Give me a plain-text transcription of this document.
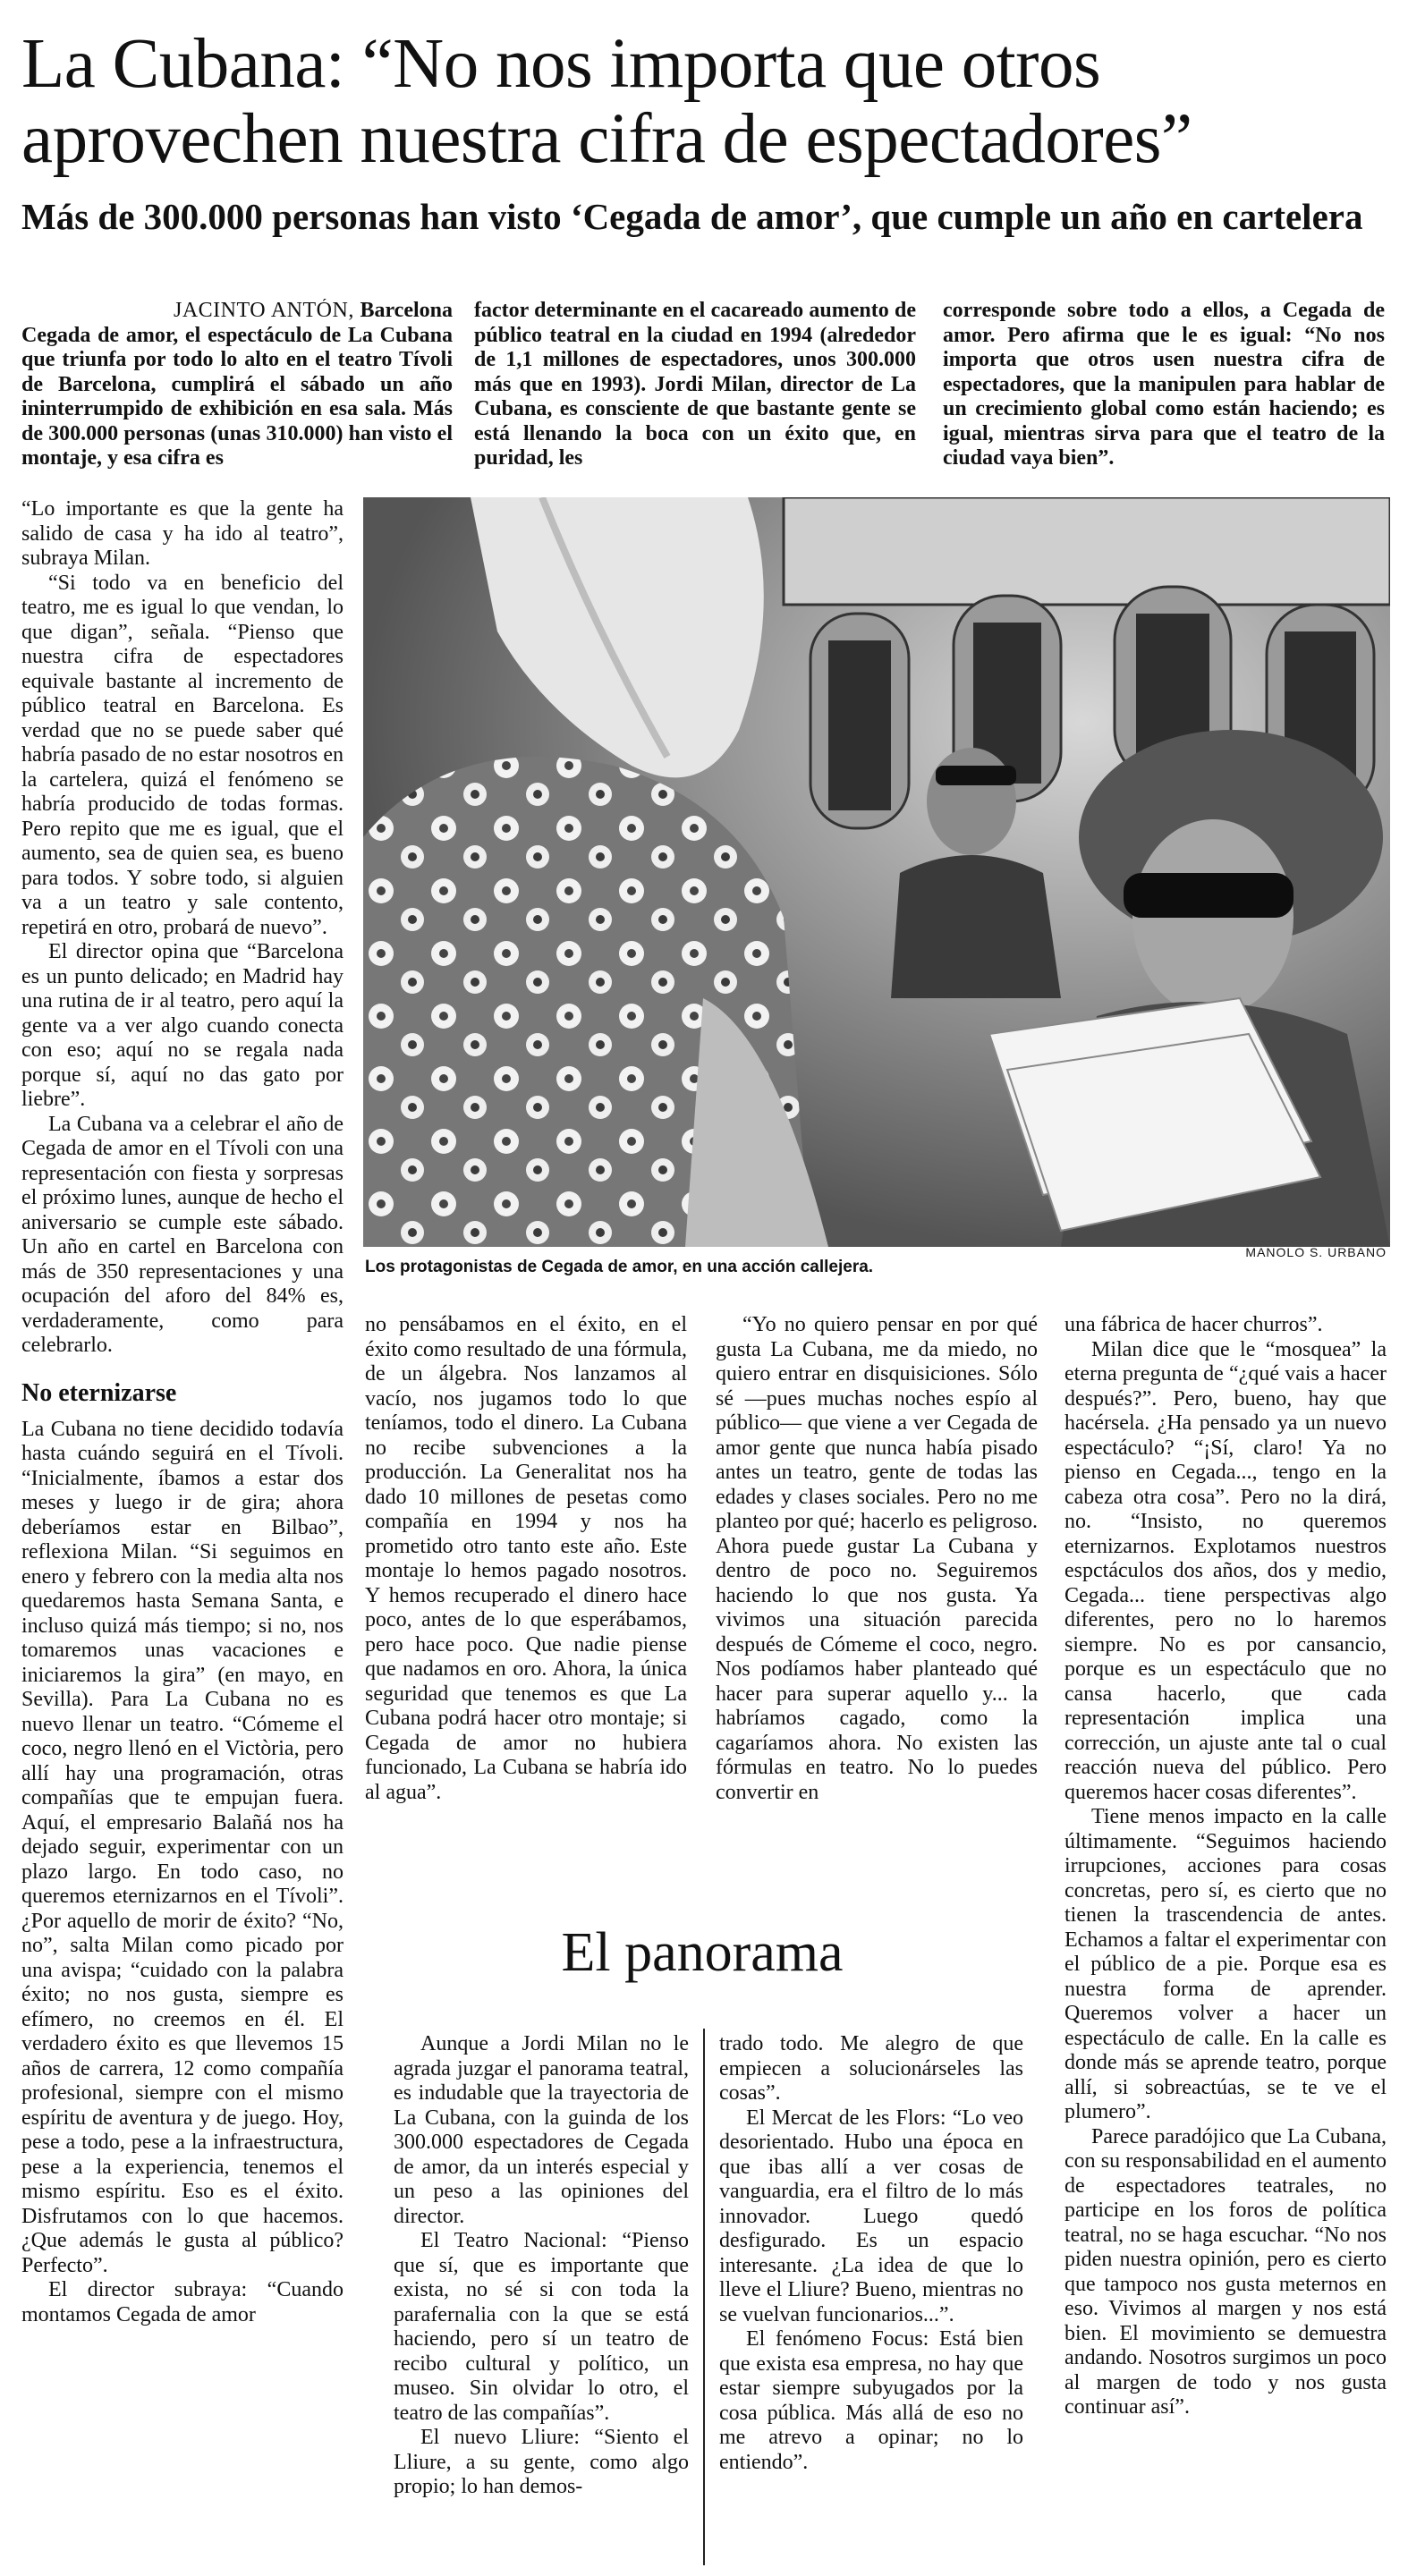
La Cubana: “No nos importa que otros aprovechen nuestra cifra de espectadores”
Más de 300.000 personas han visto ‘Cegada de amor’, que cumple un año en cartelera

JACINTO ANTÓN, Barcelona Cegada de amor, el espectáculo de La Cubana que triunfa por todo lo alto en el teatro Tívoli de Barcelona, cumplirá el sábado un año ininterrumpido de exhibición en esa sala. Más de 300.000 personas (unas 310.000) han visto el montaje, y esa cifra es

factor determinante en el cacareado aumento de público teatral en la ciudad en 1994 (alrededor de 1,1 millones de espectadores, unos 300.000 más que en 1993). Jordi Milan, director de La Cubana, es consciente de que bastante gente se está llenando la boca con un éxito que, en puridad, les

corresponde sobre todo a ellos, a Cegada de amor. Pero afirma que le es igual: “No nos importa que otros usen nuestra cifra de espectadores, que la manipulen para hablar de un crecimiento global como están haciendo; es igual, mientras sirva para que el teatro de la ciudad vaya bien”.

MANOLO S. URBANO
Los protagonistas de Cegada de amor, en una acción callejera.

“Lo importante es que la gente ha salido de casa y ha ido al teatro”, subraya Milan.

“Si todo va en beneficio del teatro, me es igual lo que vendan, lo que digan”, señala. “Pienso que nuestra cifra de espectadores equivale bastante al incremento de público teatral en Barcelona. Es verdad que no se puede saber qué habría pasado de no estar nosotros en la cartelera, quizá el fenómeno se habría producido de todas formas. Pero repito que me es igual, que el aumento, sea de quien sea, es bueno para todos. Y sobre todo, si alguien va a un teatro y sale contento, repetirá en otro, probará de nuevo”.

El director opina que “Barcelona es un punto delicado; en Madrid hay una rutina de ir al teatro, pero aquí la gente va a ver algo cuando conecta con eso; aquí no se regala nada porque sí, aquí no das gato por liebre”.

La Cubana va a celebrar el año de Cegada de amor en el Tívoli con una representación con fiesta y sorpresas el próximo lunes, aunque de hecho el aniversario se cumple este sábado. Un año en cartel en Barcelona con más de 350 representaciones y una ocupación del aforo del 84% es, verdaderamente, como para celebrarlo.

No eternizarse

La Cubana no tiene decidido todavía hasta cuándo seguirá en el Tívoli. “Inicialmente, íbamos a estar dos meses y luego ir de gira; ahora deberíamos estar en Bilbao”, reflexiona Milan. “Si seguimos en enero y febrero con la media alta nos quedaremos hasta Semana Santa, e incluso quizá más tiempo; si no, nos tomaremos unas vacaciones e iniciaremos la gira” (en mayo, en Sevilla). Para La Cubana no es nuevo llenar un teatro. “Cómeme el coco, negro llenó en el Victòria, pero allí hay una programación, otras compañías que te empujan fuera. Aquí, el empresario Balañá nos ha dejado seguir, experimentar con un plazo largo. En todo caso, no queremos eternizarnos en el Tívoli”. ¿Por aquello de morir de éxito? “No, no”, salta Milan como picado por una avispa; “cuidado con la palabra éxito; no nos gusta, siempre es efímero, no creemos en él. El verdadero éxito es que llevemos 15 años de carrera, 12 como compañía profesional, siempre con el mismo espíritu de aventura y de juego. Hoy, pese a todo, pese a la infraestructura, pese a la experiencia, tenemos el mismo espíritu. Eso es el éxito. Disfrutamos con lo que hacemos. ¿Que además le gusta al público? Perfecto”.

El director subraya: “Cuando montamos Cegada de amor

no pensábamos en el éxito, en el éxito como resultado de una fórmula, de un álgebra. Nos lanzamos al vacío, nos jugamos todo lo que teníamos, todo el dinero. La Cubana no recibe subvenciones a la producción. La Generalitat nos ha dado 10 millones de pesetas como compañía en 1994 y nos ha prometido otro tanto este año. Este montaje lo hemos pagado nosotros. Y hemos recuperado el dinero hace poco, antes de lo que esperábamos, pero hace poco. Que nadie piense que nadamos en oro. Ahora, la única seguridad que tenemos es que La Cubana podrá hacer otro montaje; si Cegada de amor no hubiera funcionado, La Cubana se habría ido al agua”.

“Yo no quiero pensar en por qué gusta La Cubana, me da miedo, no quiero entrar en disquisiciones. Sólo sé —pues muchas noches espío al público— que viene a ver Cegada de amor gente que nunca había pisado antes un teatro, gente de todas las edades y clases sociales. Pero no me planteo por qué; hacerlo es peligroso. Ahora puede gustar La Cubana y dentro de poco no. Seguiremos haciendo lo que nos gusta. Ya vivimos una situación parecida después de Cómeme el coco, negro. Nos podíamos haber planteado qué hacer para superar aquello y... la habríamos cagado, como la cagaríamos ahora. No existen las fórmulas en teatro. No lo puedes convertir en

una fábrica de hacer churros”.

Milan dice que le “mosquea” la eterna pregunta de “¿qué vais a hacer después?”. Pero, bueno, hay que hacérsela. ¿Ha pensado ya un nuevo espectáculo? “¡Sí, claro! Ya no pienso en Cegada..., tengo en la cabeza otra cosa”. Pero no la dirá, no. “Insisto, no queremos eternizarnos. Explotamos nuestros espctáculos dos años, dos y medio, Cegada... tiene perspectivas algo diferentes, pero no lo haremos siempre. No es por cansancio, porque es un espectáculo que no cansa hacerlo, que cada representación implica una corrección, un ajuste ante tal o cual reacción nueva del público. Pero queremos hacer cosas diferentes”.

Tiene menos impacto en la calle últimamente. “Seguimos haciendo irrupciones, acciones para cosas concretas, pero sí, es cierto que no tienen la trascendencia de antes. Echamos a faltar el experimentar con el público de a pie. Porque esa es nuestra forma de aprender. Queremos volver a hacer un espectáculo de calle. En la calle es donde más se aprende teatro, porque allí, si sobreactúas, se te ve el plumero”.

Parece paradójico que La Cubana, con su responsabilidad en el aumento de espectadores teatrales, no participe en los foros de política teatral, no se haga escuchar. “No nos piden nuestra opinión, pero es cierto que tampoco nos gusta meternos en eso. Vivimos al margen y nos está bien. El movimiento se demuestra andando. Nosotros surgimos un poco al margen de todo y nos gusta continuar así”.

El panorama

Aunque a Jordi Milan no le agrada juzgar el panorama teatral, es indudable que la trayectoria de La Cubana, con la guinda de los 300.000 espectadores de Cegada de amor, da un interés especial y un peso a las opiniones del director.

El Teatro Nacional: “Pienso que sí, que es importante que exista, no sé si con toda la parafernalia con la que se está haciendo, pero sí un teatro de recibo cultural y político, un museo. Sin olvidar lo otro, el teatro de las compañías”.

El nuevo Lliure: “Siento el Lliure, a su gente, como algo propio; lo han demos-

trado todo. Me alegro de que empiecen a solucionárseles las cosas”.

El Mercat de les Flors: “Lo veo desorientado. Hubo una época en que ibas allí a ver cosas de vanguardia, era el filtro de lo más innovador. Luego quedó desfigurado. Es un espacio interesante. ¿La idea de que lo lleve el Lliure? Bueno, mientras no se vuelvan funcionarios...”.

El fenómeno Focus: Está bien que exista esa empresa, no hay que estar siempre subyugados por la cosa pública. Más allá de eso no me atrevo a opinar; no lo entiendo”.
